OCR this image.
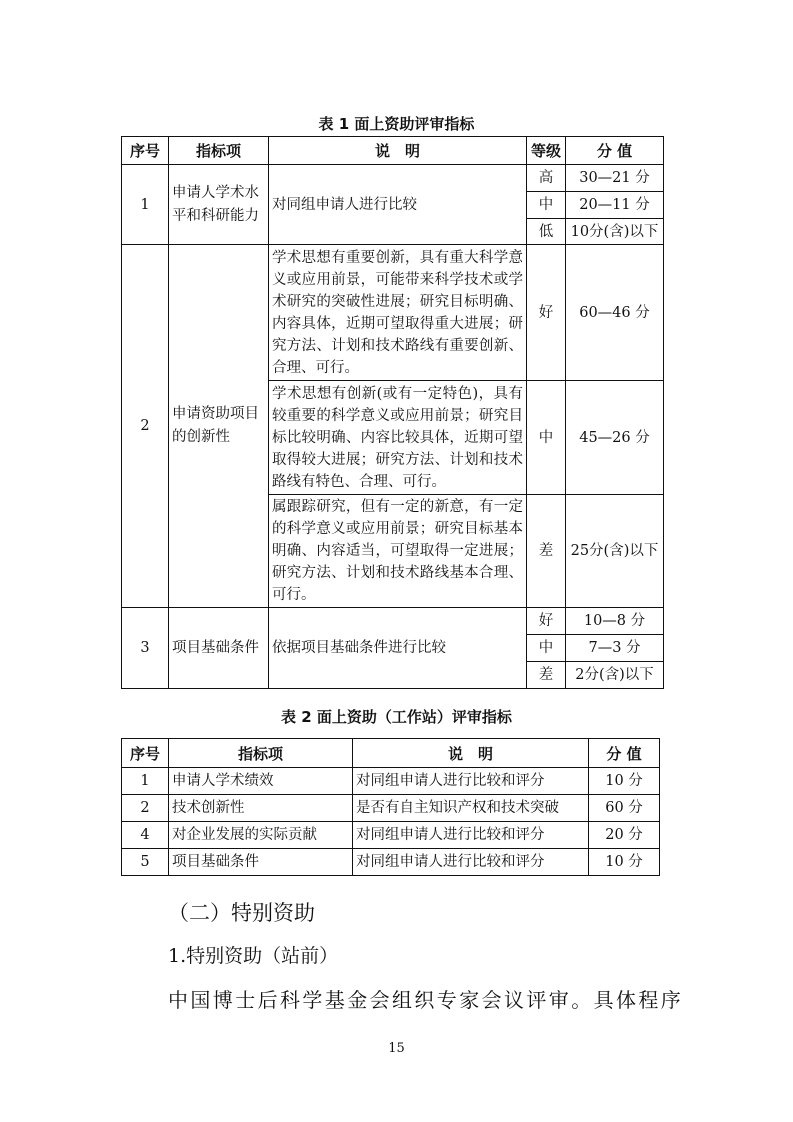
表 1 面上资助评审指标
序号	指标项	说　明	等级	分 值
1	申请人学术水平和科研能力	对同组申请人进行比较	高	30—21 分
			中	20—11 分
			低	10分(含)以下
2	申请资助项目的创新性	学术思想有重要创新，具有重大科学意义或应用前景，可能带来科学技术或学术研究的突破性进展；研究目标明确、内容具体，近期可望取得重大进展；研究方法、计划和技术路线有重要创新、合理、可行。	好	60—46 分
		学术思想有创新(或有一定特色)，具有较重要的科学意义或应用前景；研究目标比较明确、内容比较具体，近期可望取得较大进展；研究方法、计划和技术路线有特色、合理、可行。	中	45—26 分
		属跟踪研究，但有一定的新意，有一定的科学意义或应用前景；研究目标基本明确、内容适当，可望取得一定进展；研究方法、计划和技术路线基本合理、可行。	差	25分(含)以下
3	项目基础条件	依据项目基础条件进行比较	好	10—8 分
			中	7—3 分
			差	2分(含)以下
表 2 面上资助（工作站）评审指标
序号	指标项	说　明	分 值
1	申请人学术绩效	对同组申请人进行比较和评分	10 分
2	技术创新性	是否有自主知识产权和技术突破	60 分
4	对企业发展的实际贡献	对同组申请人进行比较和评分	20 分
5	项目基础条件	对同组申请人进行比较和评分	10 分
（二）特别资助
1.特别资助（站前）
中国博士后科学基金会组织专家会议评审。具体程序
15
